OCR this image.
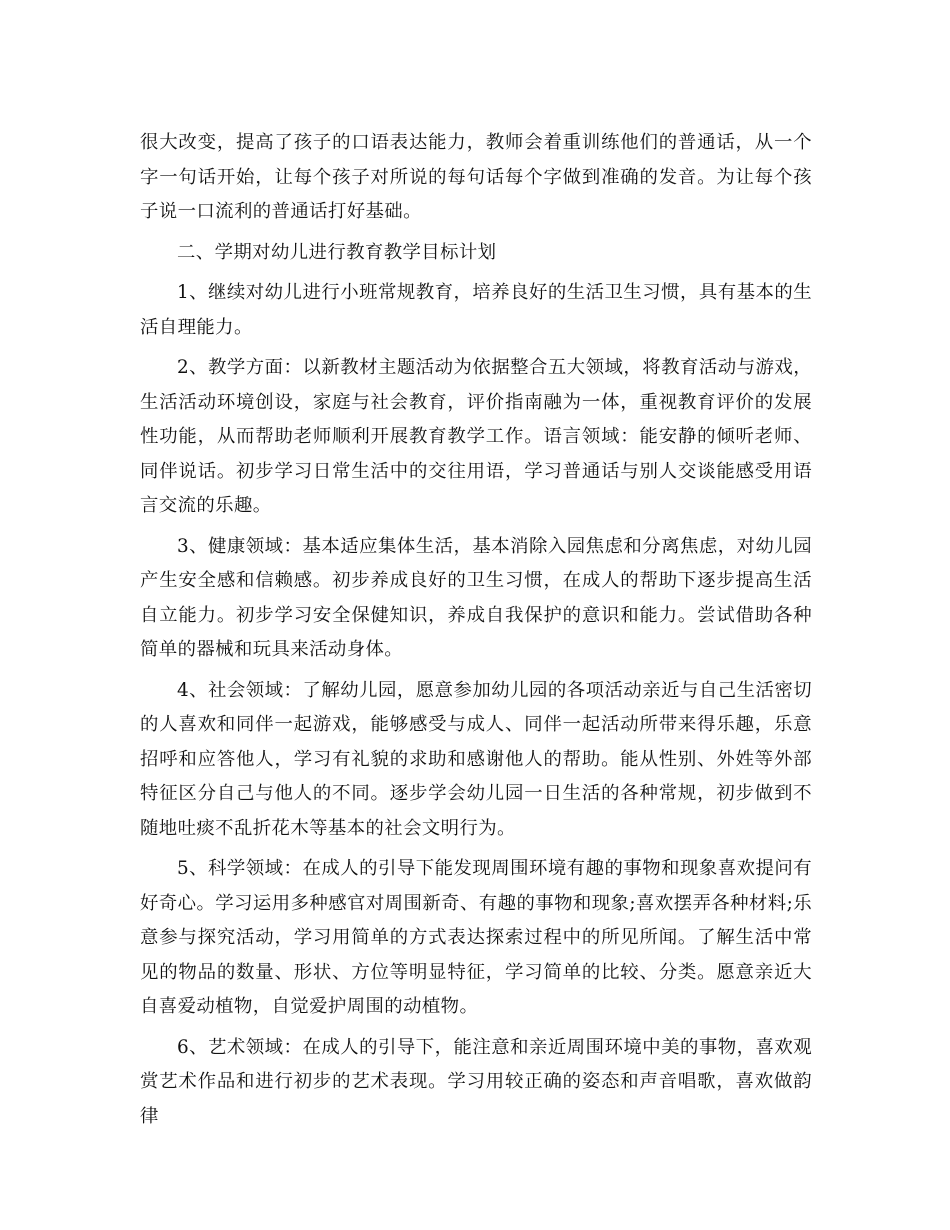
很大改变，提高了孩子的口语表达能力，教师会着重训练他们的普通话，从一个字一句话开始，让每个孩子对所说的每句话每个字做到准确的发音。为让每个孩子说一口流利的普通话打好基础。

二、学期对幼儿进行教育教学目标计划

1、继续对幼儿进行小班常规教育，培养良好的生活卫生习惯，具有基本的生活自理能力。

2、教学方面：以新教材主题活动为依据整合五大领域，将教育活动与游戏，生活活动环境创设，家庭与社会教育，评价指南融为一体，重视教育评价的发展性功能，从而帮助老师顺利开展教育教学工作。语言领域：能安静的倾听老师、同伴说话。初步学习日常生活中的交往用语，学习普通话与别人交谈能感受用语言交流的乐趣。

3、健康领域：基本适应集体生活，基本消除入园焦虑和分离焦虑，对幼儿园产生安全感和信赖感。初步养成良好的卫生习惯，在成人的帮助下逐步提高生活自立能力。初步学习安全保健知识，养成自我保护的意识和能力。尝试借助各种简单的器械和玩具来活动身体。

4、社会领域：了解幼儿园，愿意参加幼儿园的各项活动亲近与自己生活密切的人喜欢和同伴一起游戏，能够感受与成人、同伴一起活动所带来得乐趣，乐意招呼和应答他人，学习有礼貌的求助和感谢他人的帮助。能从性别、外姓等外部特征区分自己与他人的不同。逐步学会幼儿园一日生活的各种常规，初步做到不随地吐痰不乱折花木等基本的社会文明行为。

5、科学领域：在成人的引导下能发现周围环境有趣的事物和现象喜欢提问有好奇心。学习运用多种感官对周围新奇、有趣的事物和现象;喜欢摆弄各种材料;乐意参与探究活动，学习用简单的方式表达探索过程中的所见所闻。了解生活中常见的物品的数量、形状、方位等明显特征，学习简单的比较、分类。愿意亲近大自喜爱动植物，自觉爱护周围的动植物。

6、艺术领域：在成人的引导下，能注意和亲近周围环境中美的事物，喜欢观赏艺术作品和进行初步的艺术表现。学习用较正确的姿态和声音唱歌，喜欢做韵律
